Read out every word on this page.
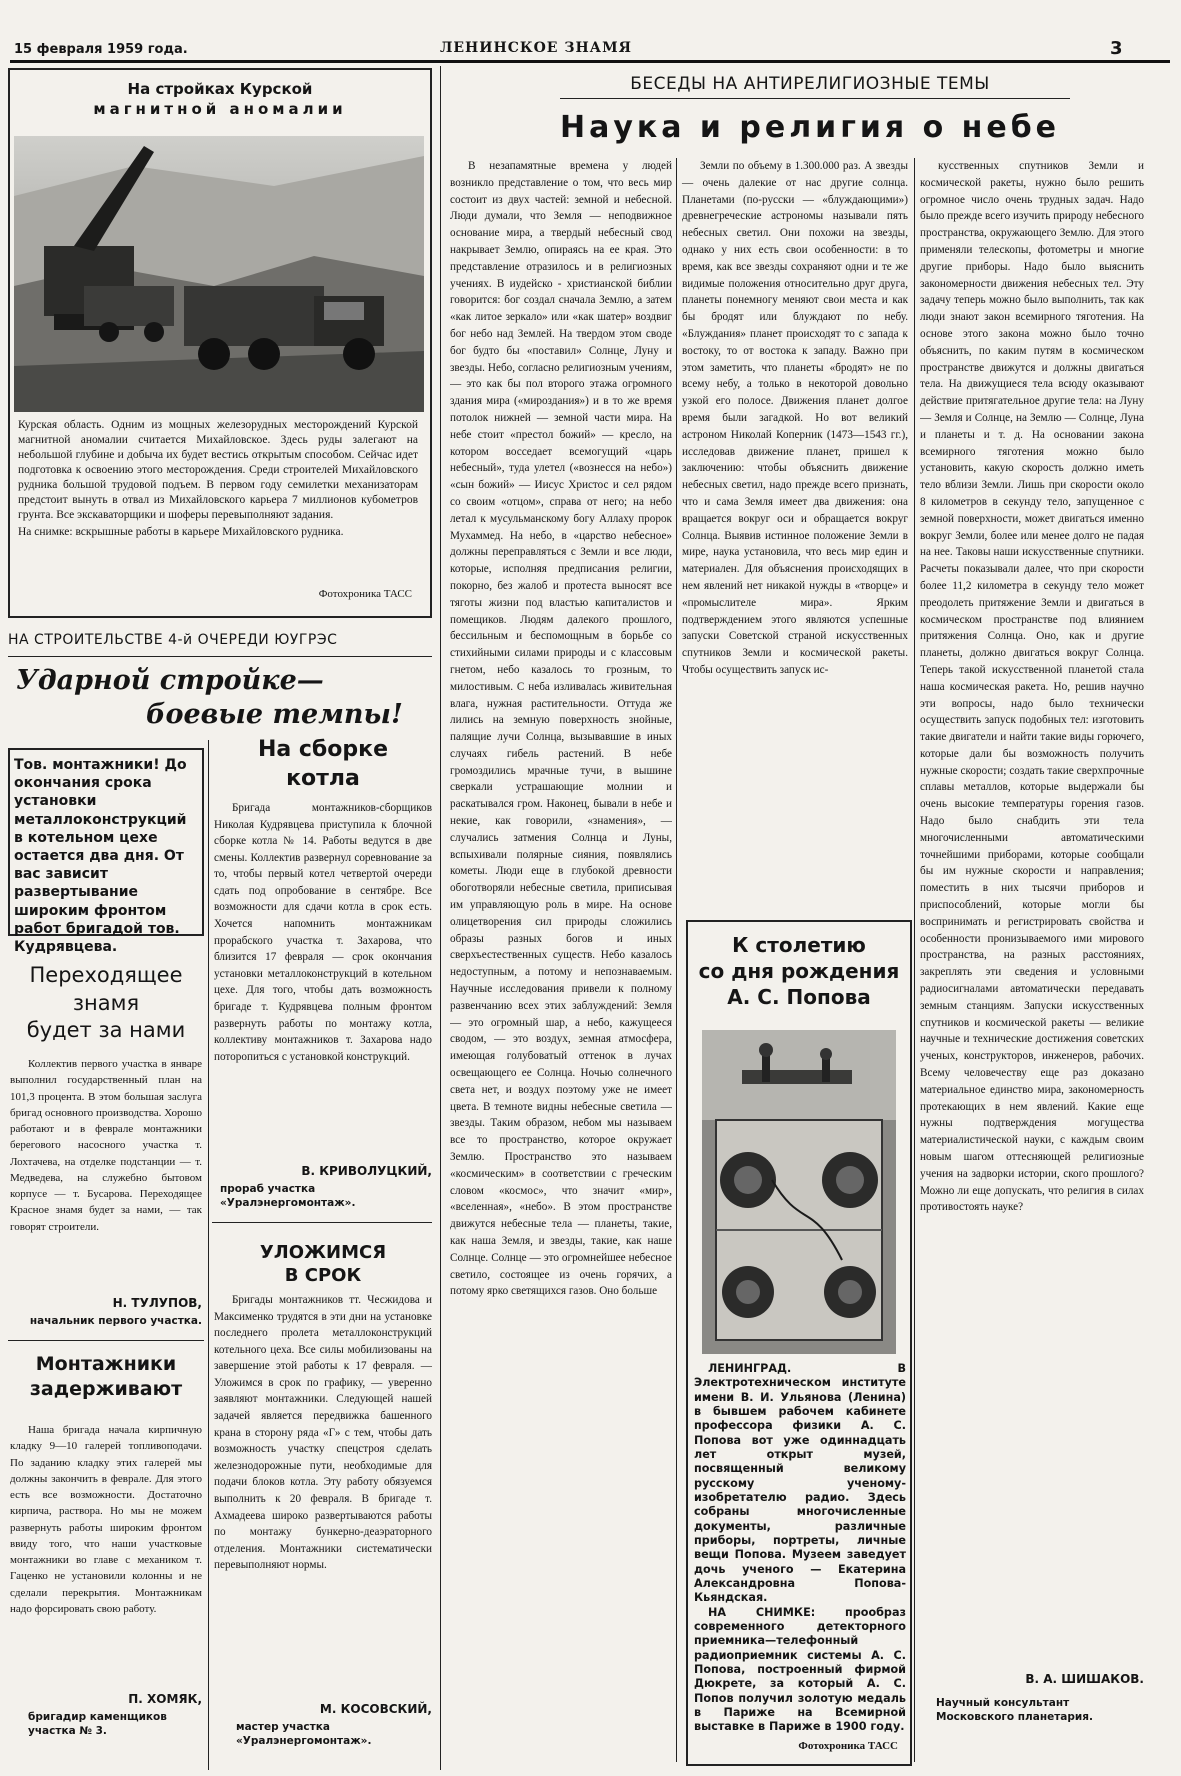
15 февраля 1959 года.	ЛЕНИНСКОЕ ЗНАМЯ	3
На стройках Курской
магнитной аномалии

Курская область. Одним из мощных железорудных месторождений Курской магнитной аномалии считается Михайловское. Здесь руды залегают на небольшой глубине и добыча их будет вестись открытым способом. Сейчас идет подготовка к освоению этого месторождения. Среди строителей Михайловского рудника большой трудовой подъем. В первом году семилетки механизаторам предстоит вынуть в отвал из Михайловского карьера 7 миллионов кубометров грунта. Все экскаваторщики и шоферы перевыполняют задания.

На снимке: вскрышные работы в карьере Михайловского рудника.

Фотохроника ТАСС
НА СТРОИТЕЛЬСТВЕ 4-й ОЧЕРЕДИ ЮУГРЭС
Ударной стройке—
боевые темпы!
Тов. монтажники! До окончания срока установки металлоконструкций в котельном цехе остается два дня. От вас зависит развертывание широким фронтом работ бригадой тов. Кудрявцева.
Переходящее
знамя
будет за нами

Коллектив первого участка в январе выполнил государственный план на 101,3 процента. В этом большая заслуга бригад основного производства. Хорошо работают и в феврале монтажники берегового насосного участка т. Лохтачева, на отделке подстанции — т. Медведева, на служебно бытовом корпусе — т. Бусарова. Переходящее Красное знамя будет за нами, — так говорят строители.

Н. ТУЛУПОВ,
начальник первого участка.
Монтажники
задерживают

Наша бригада начала кирпичную кладку 9—10 галерей топливоподачи. По заданию кладку этих галерей мы должны закончить в феврале. Для этого есть все возможности. Достаточно кирпича, раствора. Но мы не можем развернуть работы широким фронтом ввиду того, что наши участковые монтажники во главе с механиком т. Гаценко не установили колонны и не сделали перекрытия. Монтажникам надо форсировать свою работу.

П. ХОМЯК,
бригадир каменщиков участка № 3.
На сборке
котла

Бригада монтажников-сборщиков Николая Кудрявцева приступила к блочной сборке котла № 14. Работы ведутся в две смены. Коллектив развернул соревнование за то, чтобы первый котел четвертой очереди сдать под опробование в сентябре. Все возможности для сдачи котла в срок есть. Хочется напомнить монтажникам прорабского участка т. Захарова, что близится 17 февраля — срок окончания установки металлоконструкций в котельном цехе. Для того, чтобы дать возможность бригаде т. Кудрявцева полным фронтом развернуть работы по монтажу котла, коллективу монтажников т. Захарова надо поторопиться с установкой конструкций.

В. КРИВОЛУЦКИЙ,
прораб участка «Уралэнергомонтаж».
УЛОЖИМСЯ
В СРОК

Бригады монтажников тт. Чесжидова и Максименко трудятся в эти дни на установке последнего пролета металлоконструкций котельного цеха. Все силы мобилизованы на завершение этой работы к 17 февраля. — Уложимся в срок по графику, — уверенно заявляют монтажники. Следующей нашей задачей является передвижка башенного крана в сторону ряда «Г» с тем, чтобы дать возможность участку спецстроя сделать железнодорожные пути, необходимые для подачи блоков котла. Эту работу обязуемся выполнить к 20 февраля. В бригаде т. Ахмадеева широко развертываются работы по монтажу бункерно-деаэраторного отделения. Монтажники систематически перевыполняют нормы.

М. КОСОВСКИЙ,
мастер участка «Уралэнергомонтаж».
БЕСЕДЫ НА АНТИРЕЛИГИОЗНЫЕ ТЕМЫ
Наука и религия о небе

В незапамятные времена у людей возникло представление о том, что весь мир состоит из двух частей: земной и небесной. Люди думали, что Земля — неподвижное основание мира, а твердый небесный свод накрывает Землю, опираясь на ее края. Это представление отразилось и в религиозных учениях. В иудейско - христианской библии говорится: бог создал сначала Землю, а затем «как литое зеркало» или «как шатер» воздвиг бог небо над Землей. На твердом этом своде бог будто бы «поставил» Солнце, Луну и звезды. Небо, согласно религиозным учениям, — это как бы пол второго этажа огромного здания мира («мироздания») и в то же время потолок нижней — земной части мира. На небе стоит «престол божий» — кресло, на котором восседает всемогущий «царь небесный», туда улетел («вознесся на небо») «сын божий» — Иисус Христос и сел рядом со своим «отцом», справа от него; на небо летал к мусульманскому богу Аллаху пророк Мухаммед. На небо, в «царство небесное» должны переправляться с Земли и все люди, которые, исполняя предписания религии, покорно, без жалоб и протеста выносят все тяготы жизни под властью капиталистов и помещиков. Людям далекого прошлого, бессильным и беспомощным в борьбе со стихийными силами природы и с классовым гнетом, небо казалось то грозным, то милостивым. С неба изливалась живительная влага, нужная растительности. Оттуда же лились на земную поверхность знойные, палящие лучи Солнца, вызывавшие в иных случаях гибель растений. В небе громоздились мрачные тучи, в вышине сверкали устрашающие молнии и раскатывался гром. Наконец, бывали в небе и некие, как говорили, «знамения», — случались затмения Солнца и Луны, вспыхивали полярные сияния, появлялись кометы. Люди еще в глубокой древности обоготворяли небесные светила, приписывая им управляющую роль в мире. На основе олицетворения сил природы сложились образы разных богов и иных сверхъестественных существ. Небо казалось недоступным, а потому и непознаваемым. Научные исследования привели к полному развенчанию всех этих заблуждений: Земля — это огромный шар, а небо, кажущееся сводом, — это воздух, земная атмосфера, имеющая голубоватый оттенок в лучах освещающего ее Солнца. Ночью солнечного света нет, и воздух поэтому уже не имеет цвета. В темноте видны небесные светила — звезды. Таким образом, небом мы называем все то пространство, которое окружает Землю. Пространство это называем «космическим» в соответствии с греческим словом «космос», что значит «мир», «вселенная», «небо». В этом пространстве движутся небесные тела — планеты, такие, как наша Земля, и звезды, такие, как наше Солнце. Солнце — это огромнейшее небесное светило, состоящее из очень горячих, а потому ярко светящихся газов. Оно больше

Земли по объему в 1.300.000 раз. А звезды — очень далекие от нас другие солнца. Планетами (по-русски — «блуждающими») древнегреческие астрономы называли пять небесных светил. Они похожи на звезды, однако у них есть свои особенности: в то время, как все звезды сохраняют одни и те же видимые положения относительно друг друга, планеты понемногу меняют свои места и как бы бродят или блуждают по небу. «Блуждания» планет происходят то с запада к востоку, то от востока к западу. Важно при этом заметить, что планеты «бродят» не по всему небу, а только в некоторой довольно узкой его полосе. Движения планет долгое время были загадкой. Но вот великий астроном Николай Коперник (1473—1543 гг.), исследовав движение планет, пришел к заключению: чтобы объяснить движение небесных светил, надо прежде всего признать, что и сама Земля имеет два движения: она вращается вокруг оси и обращается вокруг Солнца. Выявив истинное положение Земли в мире, наука установила, что весь мир един и материален. Для объяснения происходящих в нем явлений нет никакой нужды в «творце» и «промыслителе мира». Ярким подтверждением этого являются успешные запуски Советской страной искусственных спутников Земли и космической ракеты. Чтобы осуществить запуск ис-

кусственных спутников Земли и космической ракеты, нужно было решить огромное число очень трудных задач. Надо было прежде всего изучить природу небесного пространства, окружающего Землю. Для этого применяли телескопы, фотометры и многие другие приборы. Надо было выяснить закономерности движения небесных тел. Эту задачу теперь можно было выполнить, так как люди знают закон всемирного тяготения. На основе этого закона можно было точно объяснить, по каким путям в космическом пространстве движутся и должны двигаться тела. На движущиеся тела всюду оказывают действие притягательное другие тела: на Луну — Земля и Солнце, на Землю — Солнце, Луна и планеты и т. д. На основании закона всемирного тяготения можно было установить, какую скорость должно иметь тело вблизи Земли. Лишь при скорости около 8 километров в секунду тело, запущенное с земной поверхности, может двигаться именно вокруг Земли, более или менее долго не падая на нее. Таковы наши искусственные спутники. Расчеты показывали далее, что при скорости более 11,2 километра в секунду тело может преодолеть притяжение Земли и двигаться в космическом пространстве под влиянием притяжения Солнца. Оно, как и другие планеты, должно двигаться вокруг Солнца. Теперь такой искусственной планетой стала наша космическая ракета. Но, решив научно эти вопросы, надо было технически осуществить запуск подобных тел: изготовить такие двигатели и найти такие виды горючего, которые дали бы возможность получить нужные скорости; создать такие сверхпрочные сплавы металлов, которые выдержали бы очень высокие температуры горения газов. Надо было снабдить эти тела многочисленными автоматическими точнейшими приборами, которые сообщали бы им нужные скорости и направления; поместить в них тысячи приборов и приспособлений, которые могли бы воспринимать и регистрировать свойства и особенности пронизываемого ими мирового пространства, на разных расстояниях, закреплять эти сведения и условными радиосигналами автоматически передавать земным станциям. Запуски искусственных спутников и космической ракеты — великие научные и технические достижения советских ученых, конструкторов, инженеров, рабочих. Всему человечеству еще раз доказано материальное единство мира, закономерность протекающих в нем явлений. Какие еще нужны подтверждения могущества материалистической науки, с каждым своим новым шагом оттесняющей религиозные учения на задворки истории, ского прошлого? Можно ли еще допускать, что религия в силах противостоять науке?

В. А. ШИШАКОВ.
Научный консультант Московского планетария.
К столетию
со дня рождения
А. С. Попова

ЛЕНИНГРАД. В Электротехническом институте имени В. И. Ульянова (Ленина) в бывшем рабочем кабинете профессора физики А. С. Попова вот уже одиннадцать лет открыт музей, посвященный великому русскому ученому-изобретателю радио. Здесь собраны многочисленные документы, различные приборы, портреты, личные вещи Попова. Музеем заведует дочь ученого — Екатерина Александровна Попова-Кьяндская.

НА СНИМКЕ: прообраз современного детекторного приемника—телефонный радиоприемник системы А. С. Попова, построенный фирмой Дюкрете, за который А. С. Попов получил золотую медаль в Париже на Всемирной выставке в Париже в 1900 году.

Фотохроника ТАСС
